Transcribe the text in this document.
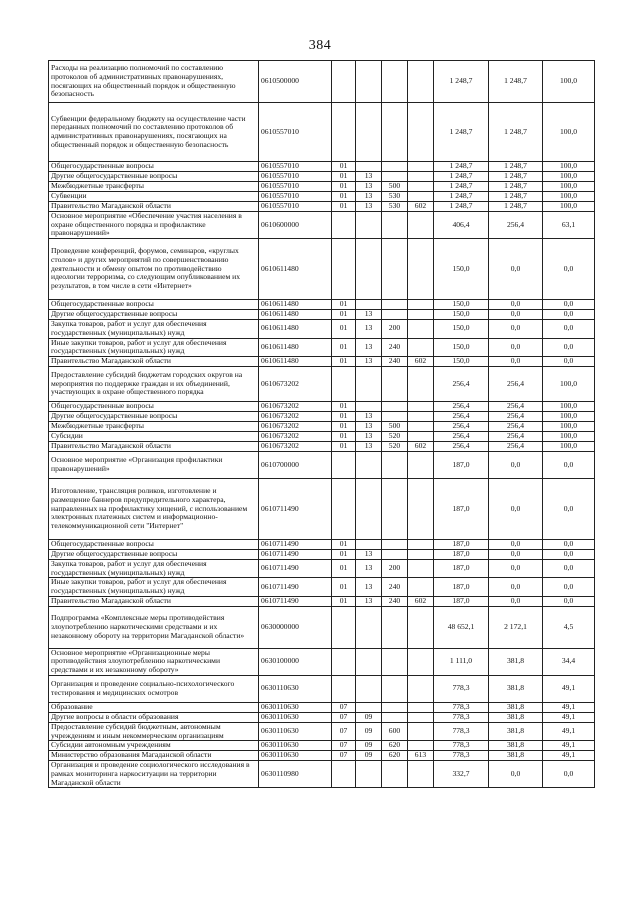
384
Расходы на реализацию полномочий по составлению протоколов об административных правонарушениях, посягающих на общественный порядок и общественную безопасность	0610500000					1 248,7	1 248,7	100,0
Субвенции федеральному бюджету на осуществление части переданных полномочий по составлению протоколов об административных правонарушениях, посягающих на общественный порядок и общественную безопасность	0610557010					1 248,7	1 248,7	100,0
Общегосударственные вопросы	0610557010	01				1 248,7	1 248,7	100,0
Другие общегосударственные вопросы	0610557010	01	13			1 248,7	1 248,7	100,0
Межбюджетные трансферты	0610557010	01	13	500		1 248,7	1 248,7	100,0
Субвенции	0610557010	01	13	530		1 248,7	1 248,7	100,0
Правительство Магаданской области	0610557010	01	13	530	602	1 248,7	1 248,7	100,0
Основное мероприятие «Обеспечение участия населения в охране общественного порядка и профилактике правонарушений»	0610600000					406,4	256,4	63,1
Проведение конференций, форумов, семинаров, «круглых столов» и других мероприятий по совершенствованию деятельности и обмену опытом по противодействию идеологии терроризма, со следующим опубликованием их результатов, в том числе в сети «Интернет»	0610611480					150,0	0,0	0,0
Общегосударственные вопросы	0610611480	01				150,0	0,0	0,0
Другие общегосударственные вопросы	0610611480	01	13			150,0	0,0	0,0
Закупка товаров, работ и услуг для обеспечения государственных (муниципальных) нужд	0610611480	01	13	200		150,0	0,0	0,0
Иные закупки товаров, работ и услуг для обеспечения государственных (муниципальных) нужд	0610611480	01	13	240		150,0	0,0	0,0
Правительство Магаданской области	0610611480	01	13	240	602	150,0	0,0	0,0
Предоставление субсидий бюджетам городских округов на мероприятия по поддержке граждан и их объединений, участвующих в охране общественного порядка	0610673202					256,4	256,4	100,0
Общегосударственные вопросы	0610673202	01				256,4	256,4	100,0
Другие общегосударственные вопросы	0610673202	01	13			256,4	256,4	100,0
Межбюджетные трансферты	0610673202	01	13	500		256,4	256,4	100,0
Субсидии	0610673202	01	13	520		256,4	256,4	100,0
Правительство Магаданской области	0610673202	01	13	520	602	256,4	256,4	100,0
Основное мероприятие «Организация профилактики правонарушений»	0610700000					187,0	0,0	0,0
Изготовление, трансляция роликов, изготовление и размещение баннеров предупредительного характера, направленных на профилактику хищений, с использованием электронных платежных систем и информационно-телекоммуникационной сети "Интернет"	0610711490					187,0	0,0	0,0
Общегосударственные вопросы	0610711490	01				187,0	0,0	0,0
Другие общегосударственные вопросы	0610711490	01	13			187,0	0,0	0,0
Закупка товаров, работ и услуг для обеспечения государственных (муниципальных) нужд	0610711490	01	13	200		187,0	0,0	0,0
Иные закупки товаров, работ и услуг для обеспечения государственных (муниципальных) нужд	0610711490	01	13	240		187,0	0,0	0,0
Правительство Магаданской области	0610711490	01	13	240	602	187,0	0,0	0,0
Подпрограмма «Комплексные меры противодействия злоупотреблению наркотическими средствами и их незаконному обороту на территории Магаданской области»	0630000000					48 652,1	2 172,1	4,5
Основное мероприятие «Организационные меры противодействия злоупотреблению наркотическими средствами и их незаконному обороту»	0630100000					1 111,0	381,8	34,4
Организация и проведение социально-психологического тестирования и медицинских осмотров	0630110630					778,3	381,8	49,1
Образование	0630110630	07				778,3	381,8	49,1
Другие вопросы в области образования	0630110630	07	09			778,3	381,8	49,1
Предоставление субсидий бюджетным, автономным учреждениям и иным некоммерческим организациям	0630110630	07	09	600		778,3	381,8	49,1
Субсидии автономным учреждениям	0630110630	07	09	620		778,3	381,8	49,1
Министерство образования Магаданской области	0630110630	07	09	620	613	778,3	381,8	49,1
Организация и проведение социологического исследования в рамках мониторинга наркоситуации на территории Магаданской области	0630110980					332,7	0,0	0,0
